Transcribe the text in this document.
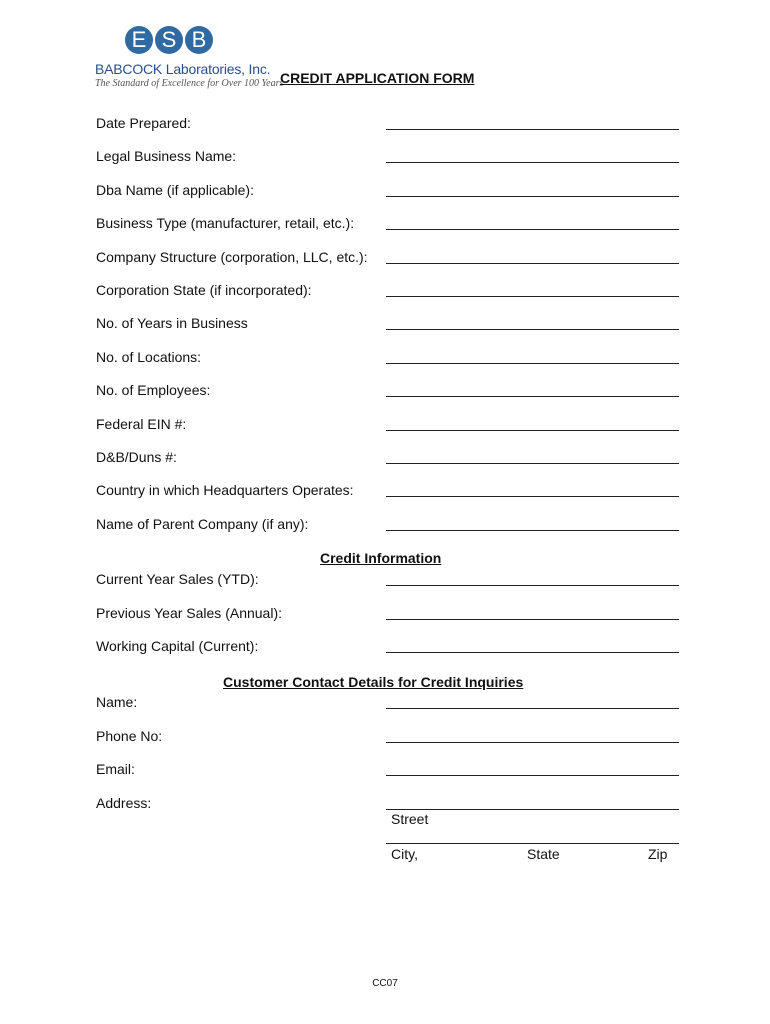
E S B
BABCOCK Laboratories, Inc.
The Standard of Excellence for Over 100 Years
CREDIT APPLICATION FORM
Date Prepared:
Legal Business Name:
Dba Name (if applicable):
Business Type (manufacturer, retail, etc.):
Company Structure (corporation, LLC, etc.):
Corporation State (if incorporated):
No. of Years in Business
No. of Locations:
No. of Employees:
Federal EIN #:
D&B/Duns #:
Country in which Headquarters Operates:
Name of Parent Company (if any):
Credit Information
Current Year Sales (YTD):
Previous Year Sales (Annual):
Working Capital (Current):
Customer Contact Details for Credit Inquiries
Name:
Phone No:
Email:
Address:
Street
City,	State	Zip
CC07
